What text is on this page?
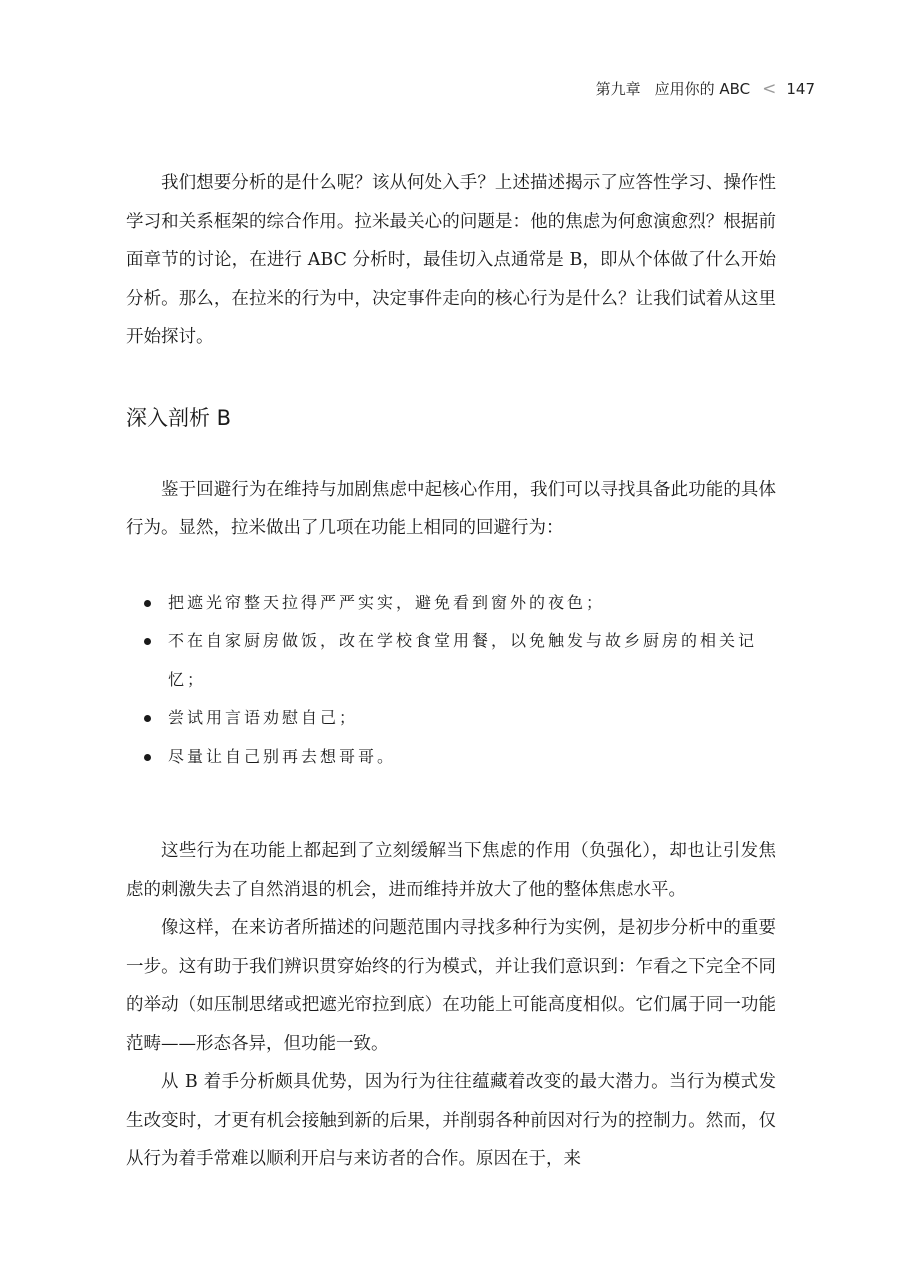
第九章 应用你的 ABC < 147

我们想要分析的是什么呢？该从何处入手？上述描述揭示了应答性学习、操作性学习和关系框架的综合作用。拉米最关心的问题是：他的焦虑为何愈演愈烈？根据前面章节的讨论，在进行 ABC 分析时，最佳切入点通常是 B，即从个体做了什么开始分析。那么，在拉米的行为中，决定事件走向的核心行为是什么？让我们试着从这里开始探讨。

深入剖析 B

鉴于回避行为在维持与加剧焦虑中起核心作用，我们可以寻找具备此功能的具体行为。显然，拉米做出了几项在功能上相同的回避行为：

把遮光帘整天拉得严严实实，避免看到窗外的夜色；
不在自家厨房做饭，改在学校食堂用餐，以免触发与故乡厨房的相关记忆；
尝试用言语劝慰自己；
尽量让自己别再去想哥哥。

这些行为在功能上都起到了立刻缓解当下焦虑的作用（负强化），却也让引发焦虑的刺激失去了自然消退的机会，进而维持并放大了他的整体焦虑水平。

像这样，在来访者所描述的问题范围内寻找多种行为实例，是初步分析中的重要一步。这有助于我们辨识贯穿始终的行为模式，并让我们意识到：乍看之下完全不同的举动（如压制思绪或把遮光帘拉到底）在功能上可能高度相似。它们属于同一功能范畴——形态各异，但功能一致。

从 B 着手分析颇具优势，因为行为往往蕴藏着改变的最大潜力。当行为模式发生改变时，才更有机会接触到新的后果，并削弱各种前因对行为的控制力。然而，仅从行为着手常难以顺利开启与来访者的合作。原因在于，来
